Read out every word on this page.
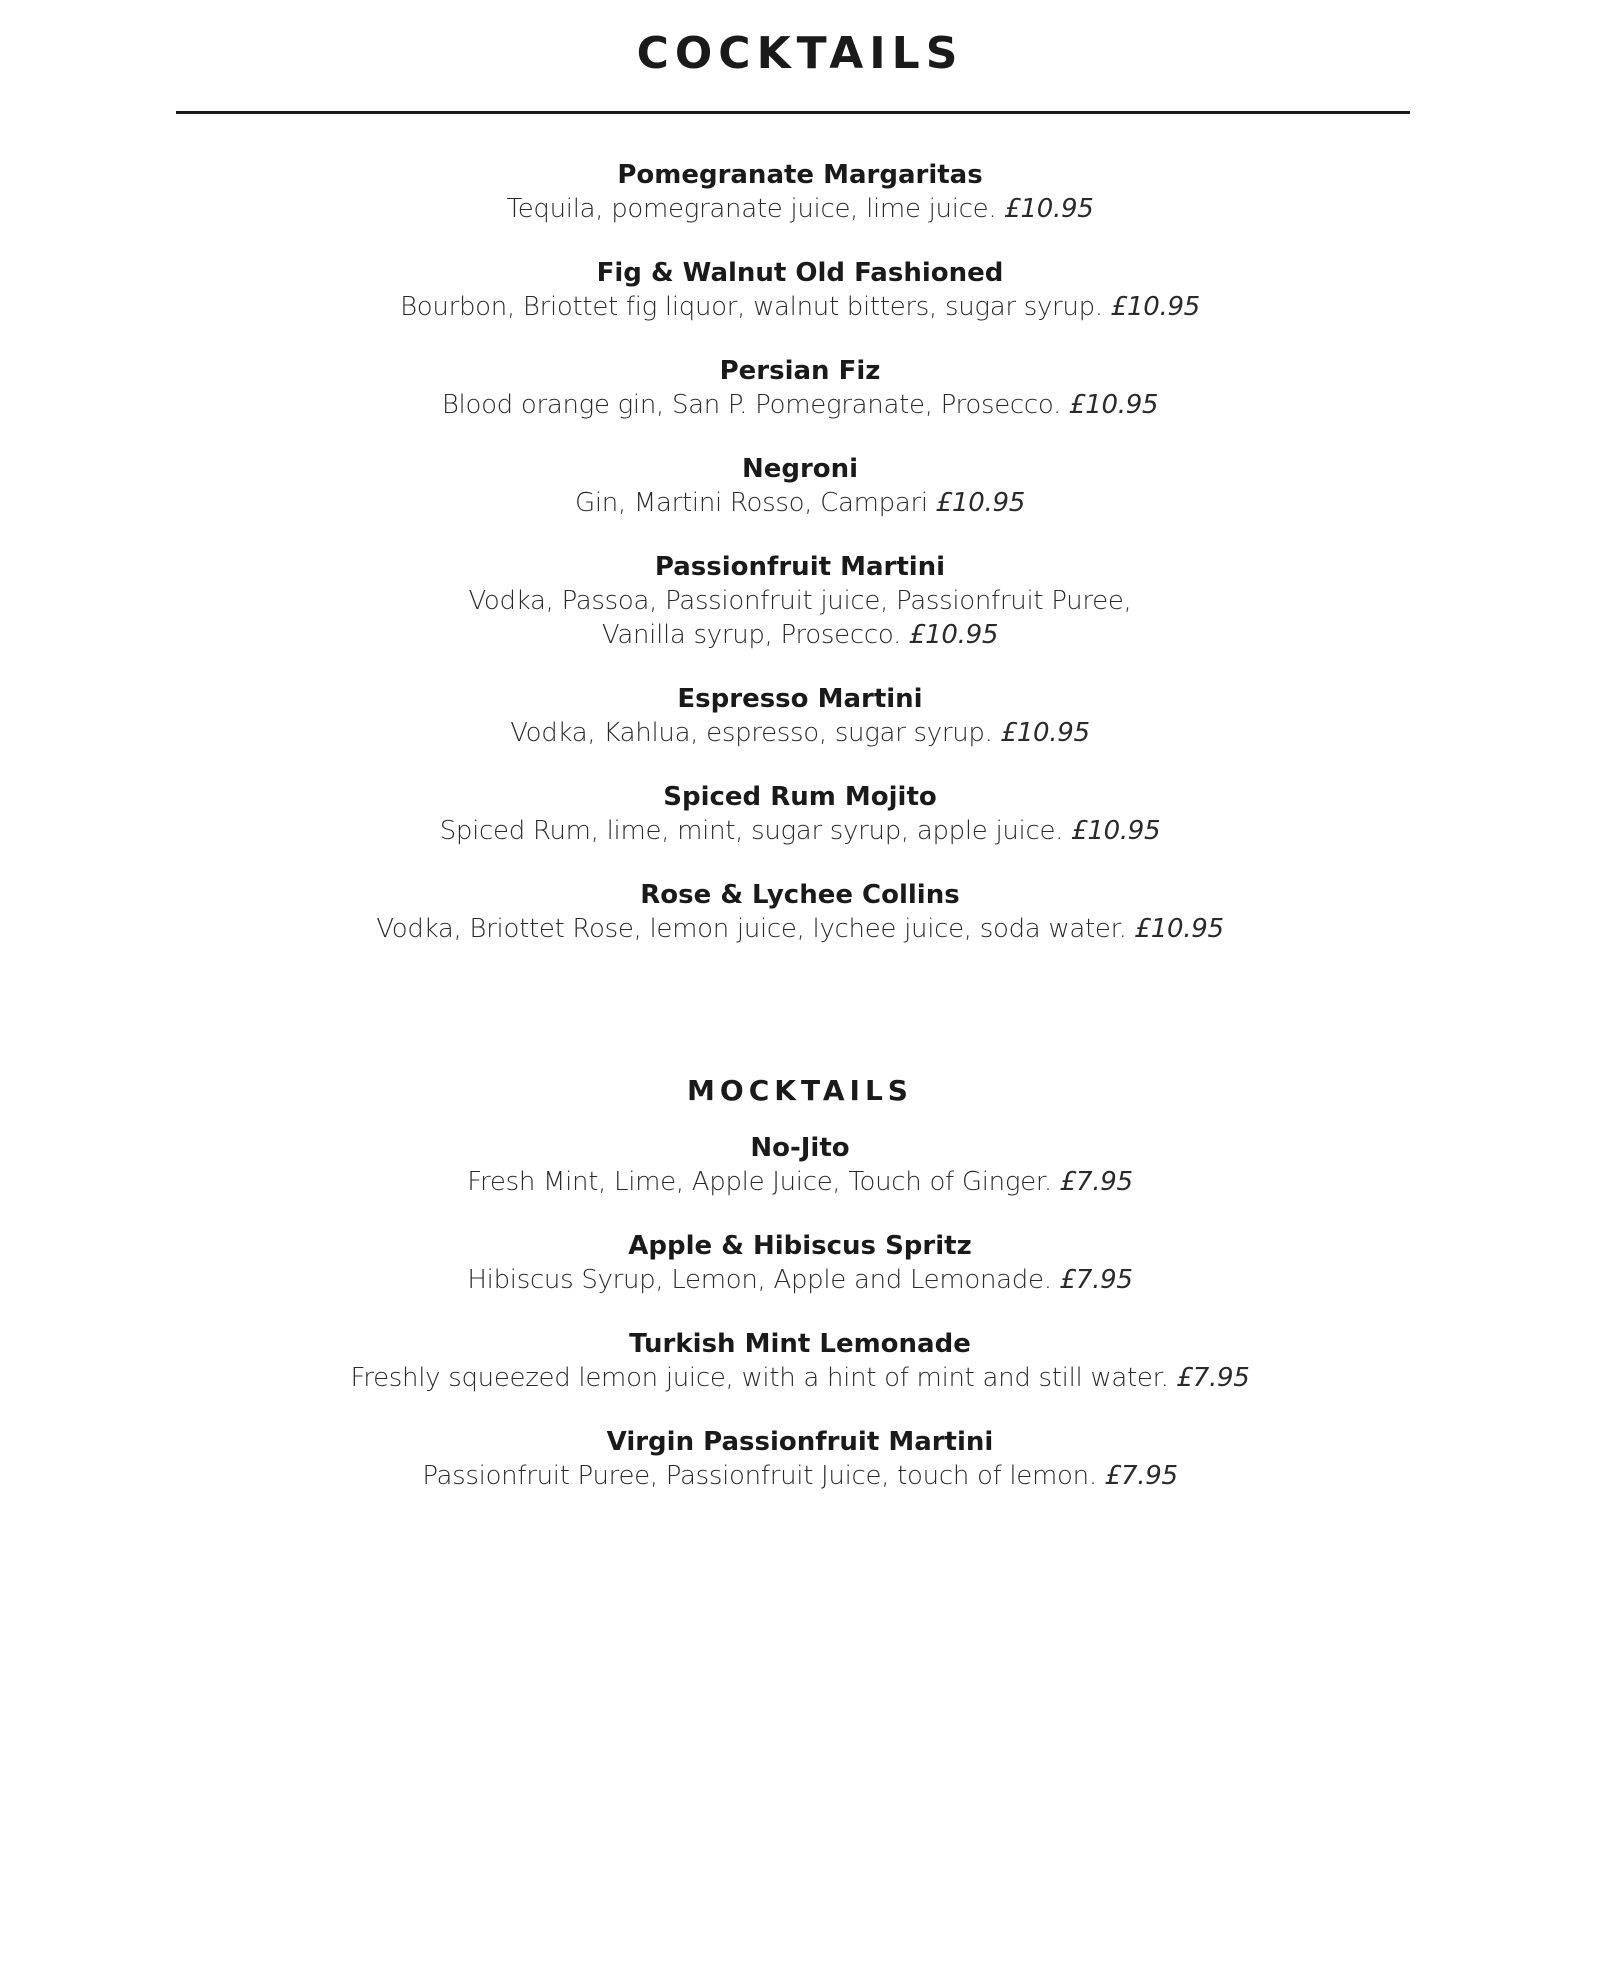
COCKTAILS
Pomegranate Margaritas
Tequila, pomegranate juice, lime juice. £10.95
Fig & Walnut Old Fashioned
Bourbon, Briottet fig liquor, walnut bitters, sugar syrup. £10.95
Persian Fiz
Blood orange gin, San P. Pomegranate, Prosecco. £10.95
Negroni
Gin, Martini Rosso, Campari £10.95
Passionfruit Martini
Vodka, Passoa, Passionfruit juice, Passionfruit Puree,
Vanilla syrup, Prosecco. £10.95
Espresso Martini
Vodka, Kahlua, espresso, sugar syrup. £10.95
Spiced Rum Mojito
Spiced Rum, lime, mint, sugar syrup, apple juice. £10.95
Rose & Lychee Collins
Vodka, Briottet Rose, lemon juice, lychee juice, soda water. £10.95
MOCKTAILS
No-Jito
Fresh Mint, Lime, Apple Juice, Touch of Ginger. £7.95
Apple & Hibiscus Spritz
Hibiscus Syrup, Lemon, Apple and Lemonade. £7.95
Turkish Mint Lemonade
Freshly squeezed lemon juice, with a hint of mint and still water. £7.95
Virgin Passionfruit Martini
Passionfruit Puree, Passionfruit Juice, touch of lemon. £7.95
